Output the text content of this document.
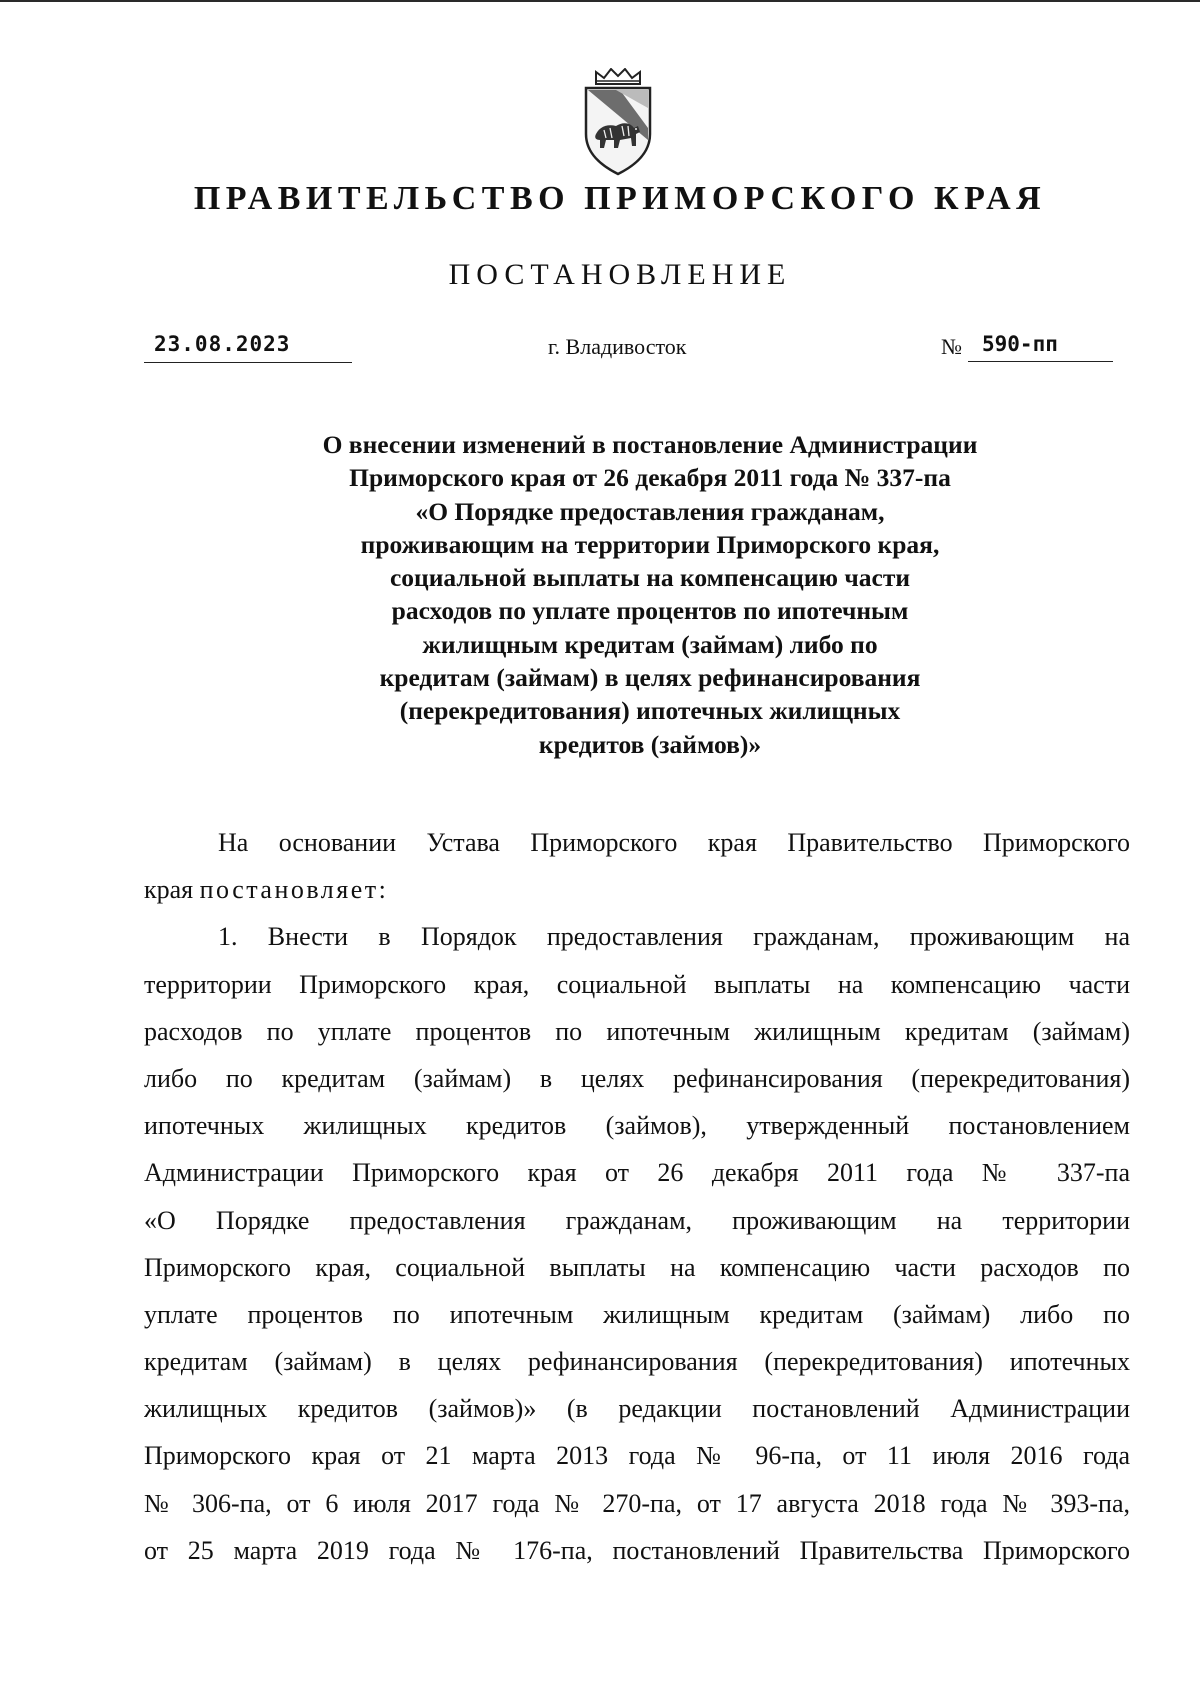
ПРАВИТЕЛЬСТВО ПРИМОРСКОГО КРАЯ
ПОСТАНОВЛЕНИЕ
23.08.2023	г. Владивосток	№ 590-пп
О внесении изменений в постановление Администрации
Приморского края от 26 декабря 2011 года № 337-па
«О Порядке предоставления гражданам,
проживающим на территории Приморского края,
социальной выплаты на компенсацию части
расходов по уплате процентов по ипотечным
жилищным кредитам (займам) либо по
кредитам (займам) в целях рефинансирования
(перекредитования) ипотечных жилищных
кредитов (займов)»
На основании Устава Приморского края Правительство Приморского
края постановляет:
1. Внести в Порядок предоставления гражданам, проживающим на
территории Приморского края, социальной выплаты на компенсацию части
расходов по уплате процентов по ипотечным жилищным кредитам (займам)
либо по кредитам (займам) в целях рефинансирования (перекредитования)
ипотечных жилищных кредитов (займов), утвержденный постановлением
Администрации Приморского края от 26 декабря 2011 года № 337-па
«О Порядке предоставления гражданам, проживающим на территории
Приморского края, социальной выплаты на компенсацию части расходов по
уплате процентов по ипотечным жилищным кредитам (займам) либо по
кредитам (займам) в целях рефинансирования (перекредитования) ипотечных
жилищных кредитов (займов)» (в редакции постановлений Администрации
Приморского края от 21 марта 2013 года № 96-па, от 11 июля 2016 года
№ 306-па, от 6 июля 2017 года № 270-па, от 17 августа 2018 года № 393-па,
от 25 марта 2019 года № 176-па, постановлений Правительства Приморского
